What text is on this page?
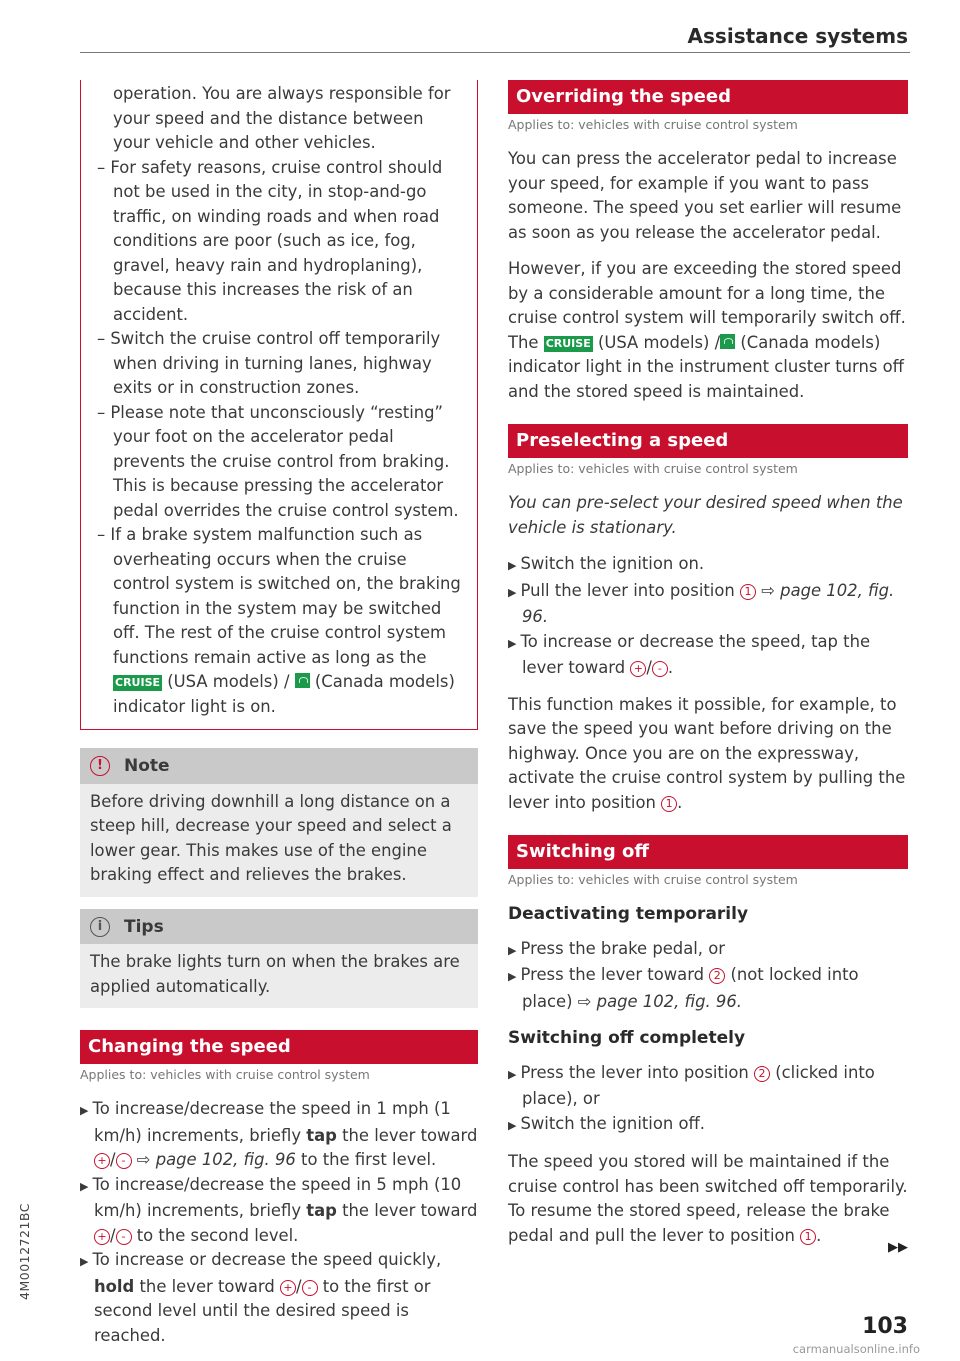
Assistance systems
operation. You are always responsible for your speed and the distance between your vehicle and other vehicles.
– For safety reasons, cruise control should not be used in the city, in stop-and-go traffic, on winding roads and when road conditions are poor (such as ice, fog, gravel, heavy rain and hydroplaning), because this increases the risk of an accident.
– Switch the cruise control off temporarily when driving in turning lanes, highway exits or in construction zones.
– Please note that unconsciously “resting” your foot on the accelerator pedal prevents the cruise control from braking. This is because pressing the accelerator pedal overrides the cruise control system.
– If a brake system malfunction such as overheating occurs when the cruise control system is switched on, the braking function in the system may be switched off. The rest of the cruise control system functions remain active as long as the CRUISE (USA models) / (Canada models) indicator light is on.
!	Note
Before driving downhill a long distance on a steep hill, decrease your speed and select a lower gear. This makes use of the engine braking effect and relieves the brakes.
i	Tips
The brake lights turn on when the brakes are applied automatically.
Changing the speed
Applies to: vehicles with cruise control system
▶ To increase/decrease the speed in 1 mph (1 km/h) increments, briefly tap the lever toward + / - ⇨ page 102, fig. 96 to the first level.
▶ To increase/decrease the speed in 5 mph (10 km/h) increments, briefly tap the lever toward + / - to the second level.
▶ To increase or decrease the speed quickly, hold the lever toward + / - to the first or second level until the desired speed is reached.
Overriding the speed
Applies to: vehicles with cruise control system

You can press the accelerator pedal to increase your speed, for example if you want to pass someone. The speed you set earlier will resume as soon as you release the accelerator pedal.

However, if you are exceeding the stored speed by a considerable amount for a long time, the cruise control system will temporarily switch off. The CRUISE (USA models) / (Canada models) indicator light in the instrument cluster turns off and the stored speed is maintained.

Preselecting a speed
Applies to: vehicles with cruise control system

You can pre-select your desired speed when the vehicle is stationary.

▶ Switch the ignition on.
▶ Pull the lever into position 1 ⇨ page 102, fig. 96.
▶ To increase or decrease the speed, tap the lever toward + / - .

This function makes it possible, for example, to save the speed you want before driving on the highway. Once you are on the expressway, activate the cruise control system by pulling the lever into position 1 .

Switching off
Applies to: vehicles with cruise control system
Deactivating temporarily
▶ Press the brake pedal, or
▶ Press the lever toward 2 (not locked into place) ⇨ page 102, fig. 96.
Switching off completely
▶ Press the lever into position 2 (clicked into place), or
▶ Switch the ignition off.

The speed you stored will be maintained if the cruise control has been switched off temporarily. To resume the stored speed, release the brake pedal and pull the lever to position 1 .

▶▶
4M0012721BC
103
carmanualsonline.info
